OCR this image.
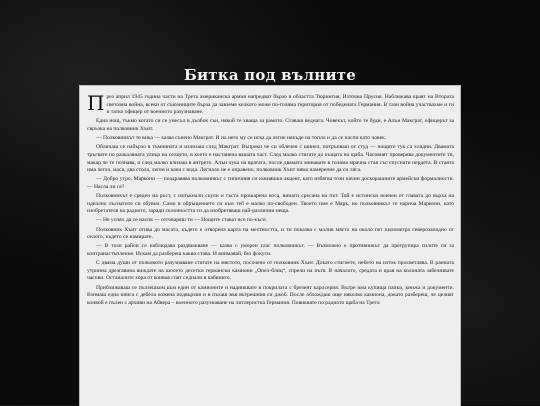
Битка под вълните

През април 1945 година части на Трета американска армия напредват бързо в областта Тюрингия, Източна Прусия. Наближава краят на Втората световна война, всеки от съюзниците бърза да завземе колкото може по-голяма територия от победената Германия. В тази война участвахме и ги и татко офицер от военното разузнаване.

Една нощ, тъкмо когато си се унесъл в дълбок сън, някой те хваща за рамото. Ставаш веднага. Човекът, който те буди, е Алън Макграт, офицерът за свръзка на полковник Хънт.

— Полковникът те вика — казва сънено Макграт. И на него му се иска да легне някъде на топло и да се наспи като човек.

Обличаш се набързо в тъмнината и излизаш след Макграт. Въпреки че си облечен с шинел, потръпваш от студ — нощите тук са хладни. Двамата тръгвате по разкаляната улица на селцето, в което е настанена вашата част. След малко стигате до къщата на щаба. Часовият проверява документите ти, макар че те познава, и след малко влизаш в антрето. Алън чука на вратата, после двамата минавате в голяма мрачна стая със спуснати пердета. В стаята има легло, маса, два стола, леген и кана с вода. Легнало не е оправено, полковник Хънт няма намерение да си ляга.

— Добро утро, Маркони — поздравява полковникът с типичния си южняшки акцент, като избягва този начин доскорашните армейски формалности. — Насла ли се?

Полковникът е среден на ръст, с изпъкнали скули и гъста прошарена коса, винаги сресана на път. Той е истински военен от главата до върха на идеално лъснатите си обувки. Само в обръщението си към теб е малко по-свободен. Твоето име е Марк, но полковникът те нарича Маркони, като изобретателя на радиото, заради склонността ти да изобретяваш най-различни неща.

— Не успях да се наспя — отговаряш ти — Нощите стават все по-къси.

Полковник Хънт отива до масата, където е отворена карта на местността, и ти показва с молив място на около пет километра северозападно от селото, където се намирате.

— В този район се наблюдава раздвижване — казва с уморен глас полковникът. — Възможно е противникът да прегрупира силите си за контранастъпление. Искам да разбереш какво става. И внимавай, без фокуси.

С двама души от полковото разузнаване стигате на мястото, посочено от полковник Хънт. Докато стигнете, небето на изток просветлява. В ранната утринна дрезгавина виждате на шосето десетки германски камиони „Опел-блиц“, спрели на пътя. В началото, средата и края на колоната забелязвате часови. Останалите хора от конвоя спят седнали в кабините.

Приближаваш се пълзешком към един от камионите и надниквате в покрилата с брезент каросерия. Вътре има купища папки, книжа и документи. Взимаш една книга с дебела кожена подвързия и я пъхаш във вътрешния си джоб. После обхождаш още няколко камиона, докато разбереш, че целият конвой е пълен с архиви на Абвера – военното разузнаване на хитлеристка Германия. Повиквате по радиото щаба на Трета
